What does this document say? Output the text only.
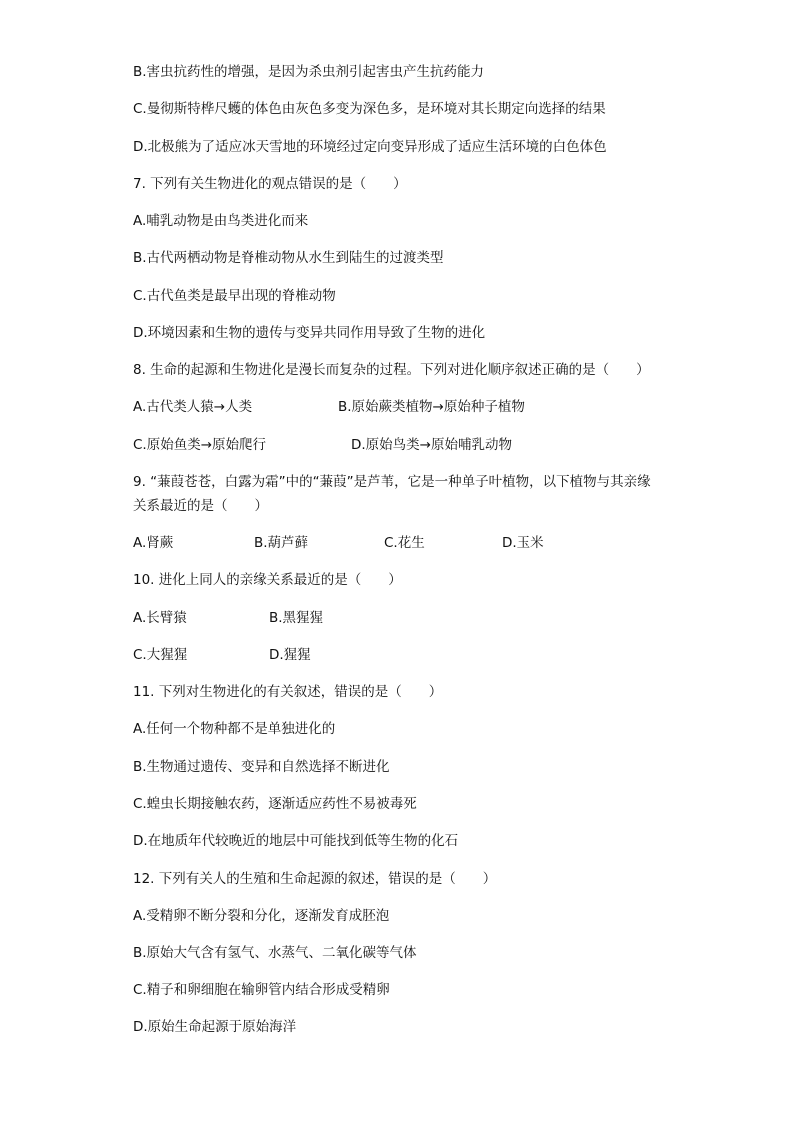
B.害虫抗药性的增强，是因为杀虫剂引起害虫产生抗药能力
C.曼彻斯特桦尺蠖的体色由灰色多变为深色多，是环境对其长期定向选择的结果
D.北极熊为了适应冰天雪地的环境经过定向变异形成了适应生活环境的白色体色
7. 下列有关生物进化的观点错误的是（　　）
A.哺乳动物是由鸟类进化而来
B.古代两栖动物是脊椎动物从水生到陆生的过渡类型
C.古代鱼类是最早出现的脊椎动物
D.环境因素和生物的遗传与变异共同作用导致了生物的进化
8. 生命的起源和生物进化是漫长而复杂的过程。下列对进化顺序叙述正确的是（　　）
A.古代类人猿→人类	B.原始蕨类植物→原始种子植物
C.原始鱼类→原始爬行	D.原始鸟类→原始哺乳动物
9. “蒹葭苍苍，白露为霜”中的“蒹葭”是芦苇，它是一种单子叶植物，以下植物与其亲缘
关系最近的是（　　）
A.肾蕨	B.葫芦藓	C.花生	D.玉米
10. 进化上同人的亲缘关系最近的是（　　）
A.长臂猿	B.黑猩猩
C.大猩猩	D.猩猩
11. 下列对生物进化的有关叙述，错误的是（　　）
A.任何一个物种都不是单独进化的
B.生物通过遗传、变异和自然选择不断进化
C.蝗虫长期接触农药，逐渐适应药性不易被毒死
D.在地质年代较晚近的地层中可能找到低等生物的化石
12. 下列有关人的生殖和生命起源的叙述，错误的是（　　）
A.受精卵不断分裂和分化，逐渐发育成胚泡
B.原始大气含有氢气、水蒸气、二氧化碳等气体
C.精子和卵细胞在输卵管内结合形成受精卵
D.原始生命起源于原始海洋
